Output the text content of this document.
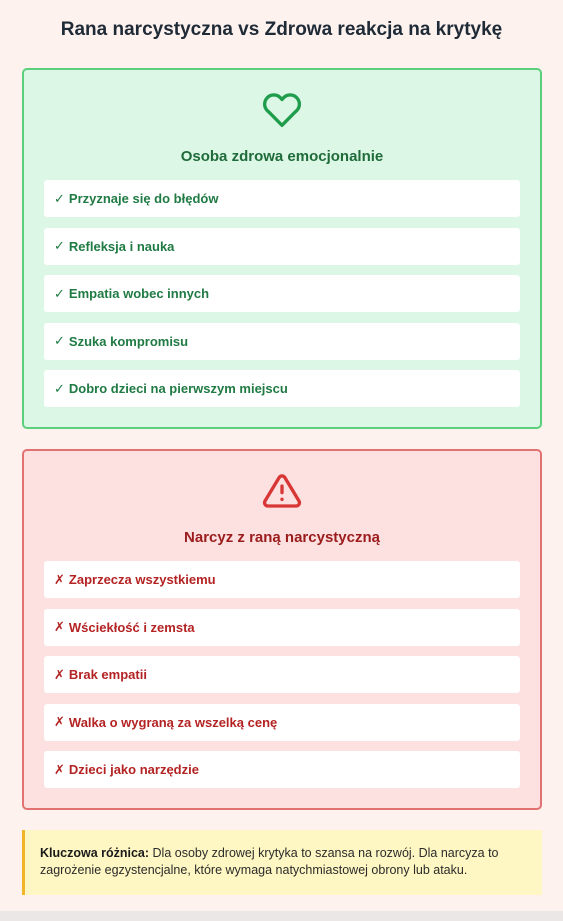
Rana narcystyczna vs Zdrowa reakcja na krytykę
Osoba zdrowa emocjonalnie
✓ Przyznaje się do błędów
✓ Refleksja i nauka
✓ Empatia wobec innych
✓ Szuka kompromisu
✓ Dobro dzieci na pierwszym miejscu
Narcyz z raną narcystyczną
✗ Zaprzecza wszystkiemu
✗ Wściekłość i zemsta
✗ Brak empatii
✗ Walka o wygraną za wszelką cenę
✗ Dzieci jako narzędzie
Kluczowa różnica: Dla osoby zdrowej krytyka to szansa na rozwój. Dla narcyza to zagrożenie egzystencjalne, które wymaga natychmiastowej obrony lub ataku.
